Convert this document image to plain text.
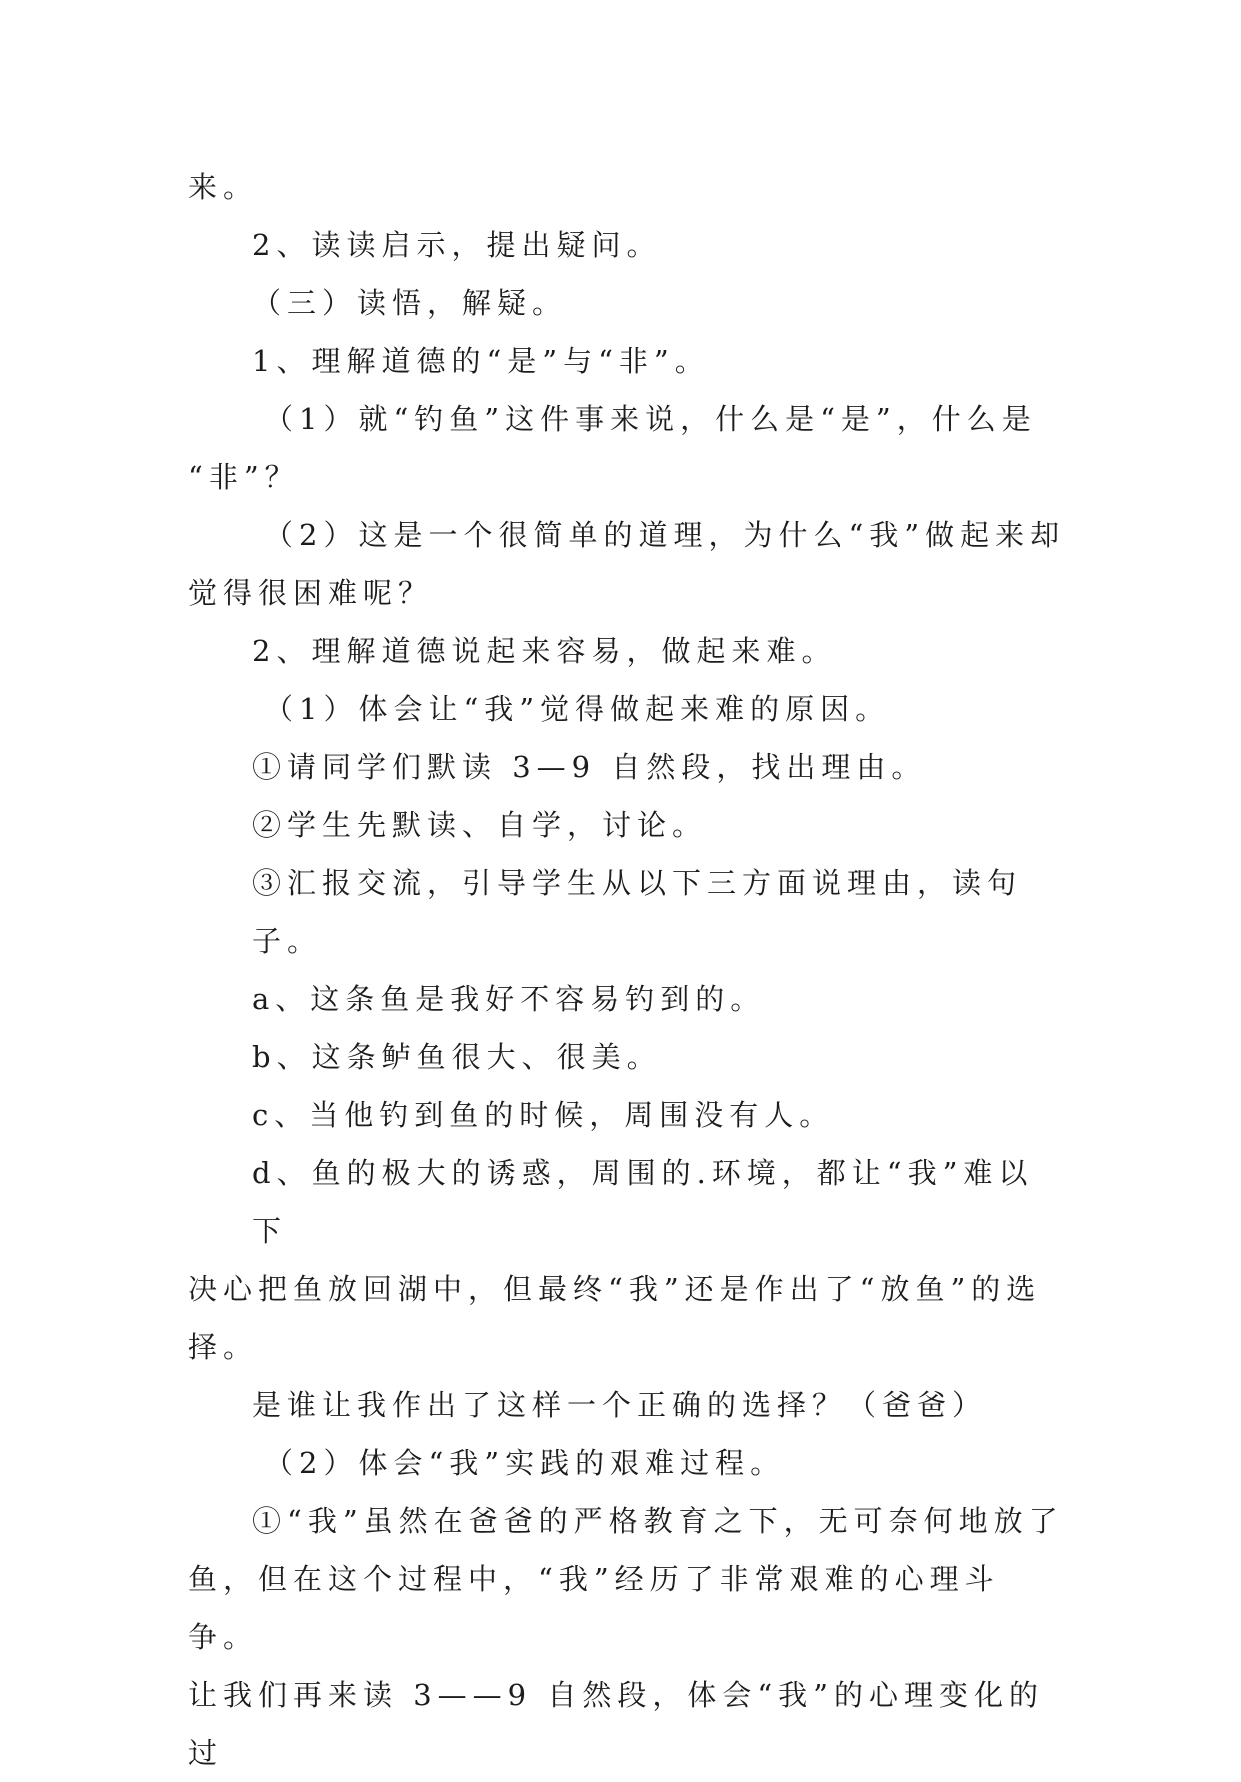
来。

2、读读启示，提出疑问。

（三）读悟，解疑。

1、理解道德的“是”与“非”。

（1）就“钓鱼”这件事来说，什么是“是”，什么是

“非”？

（2）这是一个很简单的道理，为什么“我”做起来却

觉得很困难呢？

2、理解道德说起来容易，做起来难。

（1）体会让“我”觉得做起来难的原因。

①请同学们默读 3—9 自然段，找出理由。

②学生先默读、自学，讨论。

③汇报交流，引导学生从以下三方面说理由，读句子。

a、这条鱼是我好不容易钓到的。

b、这条鲈鱼很大、很美。

c、当他钓到鱼的时候，周围没有人。

d、鱼的极大的诱惑，周围的.环境，都让“我”难以下

决心把鱼放回湖中，但最终“我”还是作出了“放鱼”的选

择。

是谁让我作出了这样一个正确的选择？（爸爸）

（2）体会“我”实践的艰难过程。

①“我”虽然在爸爸的严格教育之下，无可奈何地放了

鱼，但在这个过程中，“我”经历了非常艰难的心理斗争。

让我们再来读 3——9 自然段，体会“我”的心理变化的过
